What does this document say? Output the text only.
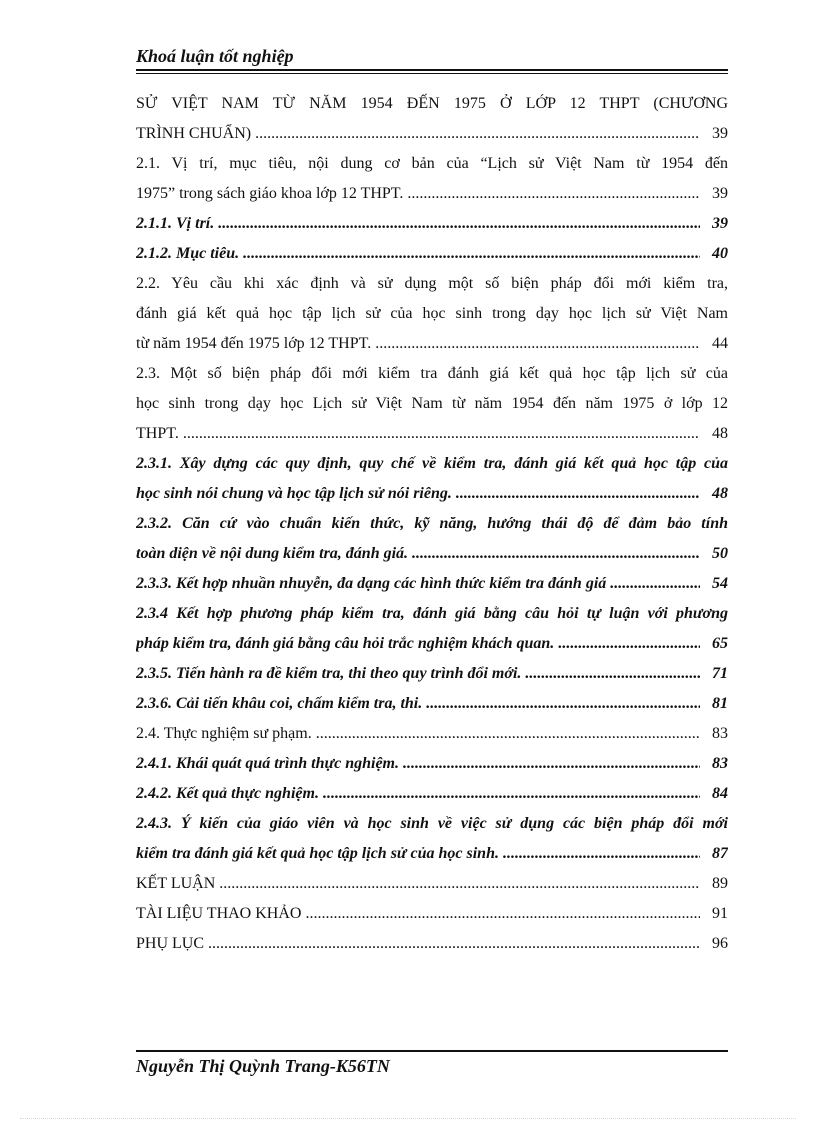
Khoá luận tốt nghiệp
SỬ VIỆT NAM TỪ NĂM 1954 ĐẾN 1975 Ở LỚP 12 THPT (CHƯƠNG
TRÌNH CHUẨN) .....	39
2.1. Vị trí, mục tiêu, nội dung cơ bản của “Lịch sử Việt Nam từ 1954 đến
1975” trong sách giáo khoa lớp 12 THPT. .....	39
2.1.1. Vị trí. .....	39
2.1.2. Mục tiêu. .....	40
2.2. Yêu cầu khi xác định và sử dụng một số biện pháp đổi mới kiểm tra,
đánh giá kết quả học tập lịch sử của học sinh trong dạy học lịch sử Việt Nam
từ năm 1954 đến 1975 lớp 12 THPT. .....	44
2.3. Một số biện pháp đổi mới kiểm tra đánh giá kết quả học tập lịch sử của
học sinh trong dạy học Lịch sử Việt Nam từ năm 1954 đến năm 1975 ở lớp 12
THPT. .....	48
2.3.1. Xây dựng các quy định, quy chế về kiểm tra, đánh giá kết quả học tập của
học sinh nói chung và học tập lịch sử nói riêng. .....	48
2.3.2. Căn cứ vào chuẩn kiến thức, kỹ năng, hướng thái độ để đảm bảo tính
toàn diện về nội dung kiểm tra, đánh giá. .....	50
2.3.3. Kết hợp nhuần nhuyễn, đa dạng các hình thức kiểm tra đánh giá .....	54
2.3.4 Kết hợp phương pháp kiểm tra, đánh giá bằng câu hỏi tự luận với phương
pháp kiểm tra, đánh giá bằng câu hỏi trắc nghiệm khách quan. .....	65
2.3.5. Tiến hành ra đề kiểm tra, thi theo quy trình đổi mới. .....	71
2.3.6. Cải tiến khâu coi, chấm kiểm tra, thi. .....	81
2.4. Thực nghiệm sư phạm. .....	83
2.4.1. Khái quát quá trình thực nghiệm. .....	83
2.4.2. Kết quả thực nghiệm. .....	84
2.4.3. Ý kiến của giáo viên và học sinh về việc sử dụng các biện pháp đổi mới
kiểm tra đánh giá kết quả học tập lịch sử của học sinh. .....	87
KẾT LUẬN .....	89
TÀI LIỆU THAO KHẢO .....	91
PHỤ LỤC .....	96
Nguyễn Thị Quỳnh Trang-K56TN
